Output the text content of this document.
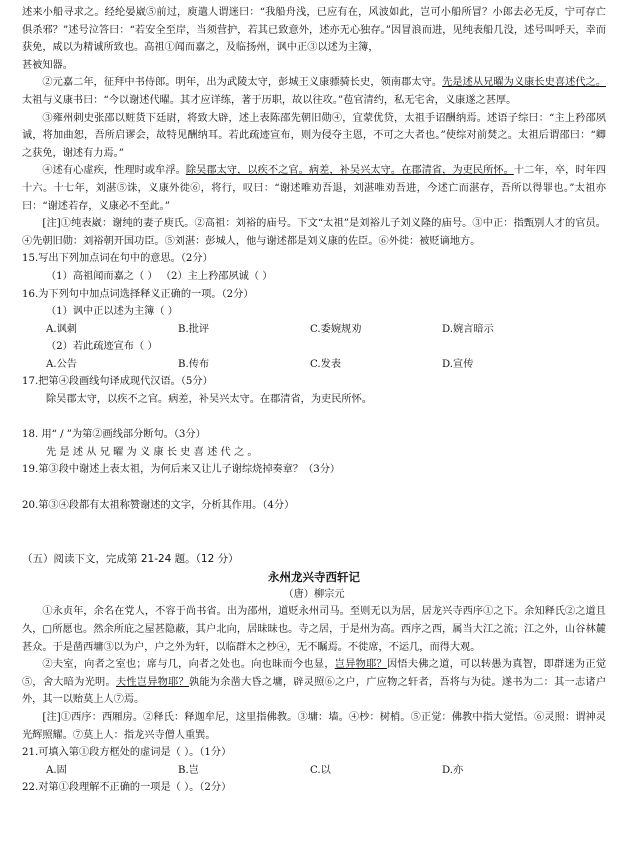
述来小船寻求之。经纶晏崴⑤前过，庾遣人谓迷曰：“我船舟浅，已应有在，风波如此，岂可小船所冒？小郎去必无反，宁可存亡俱杀邪？”述号泣答曰：“若安全至岸，当须营护，若其已致意外，述亦无心独存。”因冒浪而进，见纯表船几没，述号叫呼天，幸而获免，咸以为精诚所致也。高祖①闻而嘉之，及临扬州，讽中正③以述为主簿，

甚被知器。

②元嘉二年，征拜中书侍郎。明年，出为武陵太守，彭城王义康骠骑长史，领南郡太守。先是述从兄曜为义康长史喜述代之。太祖与义康书曰：“今以谢述代曜。其才应详练，著于历职，故以往攻。”苞官清约，私无宅舍，义康遂之甚厚。

③雍州刺史张邵以赃货下廷尉，将致大辟，述上表陈邵先朝旧勋④，宜蒙优贷，太祖手诏酬纳焉。述语子综曰：“主上矜邵夙诚，将加曲恕，吾所启谬会，故特见酬纳耳。若此疏迹宣布，则为侵夺主恩，不可之大者也。”使综对前焚之。太祖后谓邵曰：“卿之获免，谢述有力焉。”

④述有心虚疾，性理时或牟浮。除吴郡太守，以疾不之官。病差，补吴兴太守。在郡清省，为吏民所怀。十二年，卒，时年四十六。十七年，刘湛⑤诛，义康外徙⑥，将行，叹曰：“谢述唯劝吾退，刘湛唯劝吾进，今述亡而湛存，吾所以得罪也。”太祖亦曰：“谢述若存，义康必不至此。”

[注]①纯表崴：谢纯的妻子庾氏。②高祖：刘裕的庙号。下文“太祖”是刘裕儿子刘义隆的庙号。③中正：指甄别人才的官员。④先朝旧勋：刘裕朝开国功臣。⑤刘湛：彭城人，他与谢述都是刘义康的佐臣。⑥外徙：被贬谪地方。

15.写出下列加点词在句中的意思。（2分）

（1）高祖闻而嘉之（ ） （2）主上矜邵夙诚（ ）

16.为下列句中加点词选择释义正确的一项。（2分）

（1）讽中正以述为主簿（ ）

A.讽刺	B.批评	C.委婉规劝	D.婉言暗示

（2）若此疏迹宣布（ ）

A.公告	B.传布	C.发表	D.宣传

17.把第④段画线句译成现代汉语。（5分）

除吴郡太守，以疾不之官。病差，补吴兴太守。在郡清省，为吏民所怀。

18. 用“ / ”为第②画线部分断句。（3分）

先 是 述 从 兄 曜 为 义 康 长 史 喜 述 代 之 。

19.第③段中谢述上表太祖，为何后来又让儿子谢综烧掉奏章？（3分）

20.第③④段都有太祖称赞谢述的文字，分析其作用。（4分）

（五）阅读下文，完成第 21-24 题。（12 分）

永州龙兴寺西轩记

（唐）柳宗元

①永贞年，余名在党人，不容于尚书省。出为邵州，道贬永州司马。至则无以为居，居龙兴寺西序①之下。余知释氏②之道且久，□所愿也。然余所庇之屋甚隐蔽，其户北向，居昧昧也。寺之居，于是州为高。西序之西，属当大江之流；江之外，山谷林麓甚众。于是凿西墉③以为户，户之外为轩，以临群木之杪④，无不瞩焉。不徙席，不运几，而得大观。

②夫室，向者之室也；席与几，向者之处也。向也昧而今也显，岂异物耶？因悟夫佛之道，可以转愚为真智，即群迷为正觉⑤，舍大暗为光明。夫性岂异物耶？孰能为余凿大昏之墉，辟灵照⑥之户，广应物之轩者，吾将与为徒。遂书为二：其一志诸户外，其一以贻莫上人⑦焉。

[注]①西序：西厢房。②释氏：释迦牟尼，这里指佛教。③墉：墙。④杪：树梢。⑤正觉：佛教中指大觉悟。⑥灵照：谓神灵光辉照耀。⑦莫上人：指龙兴寺僧人重巽。

21.可填入第①段方框处的虚词是（ ）。（1分）

A.固	B.岂	C.以	D.亦

22.对第①段理解不正确的一项是（ ）。（2分）
